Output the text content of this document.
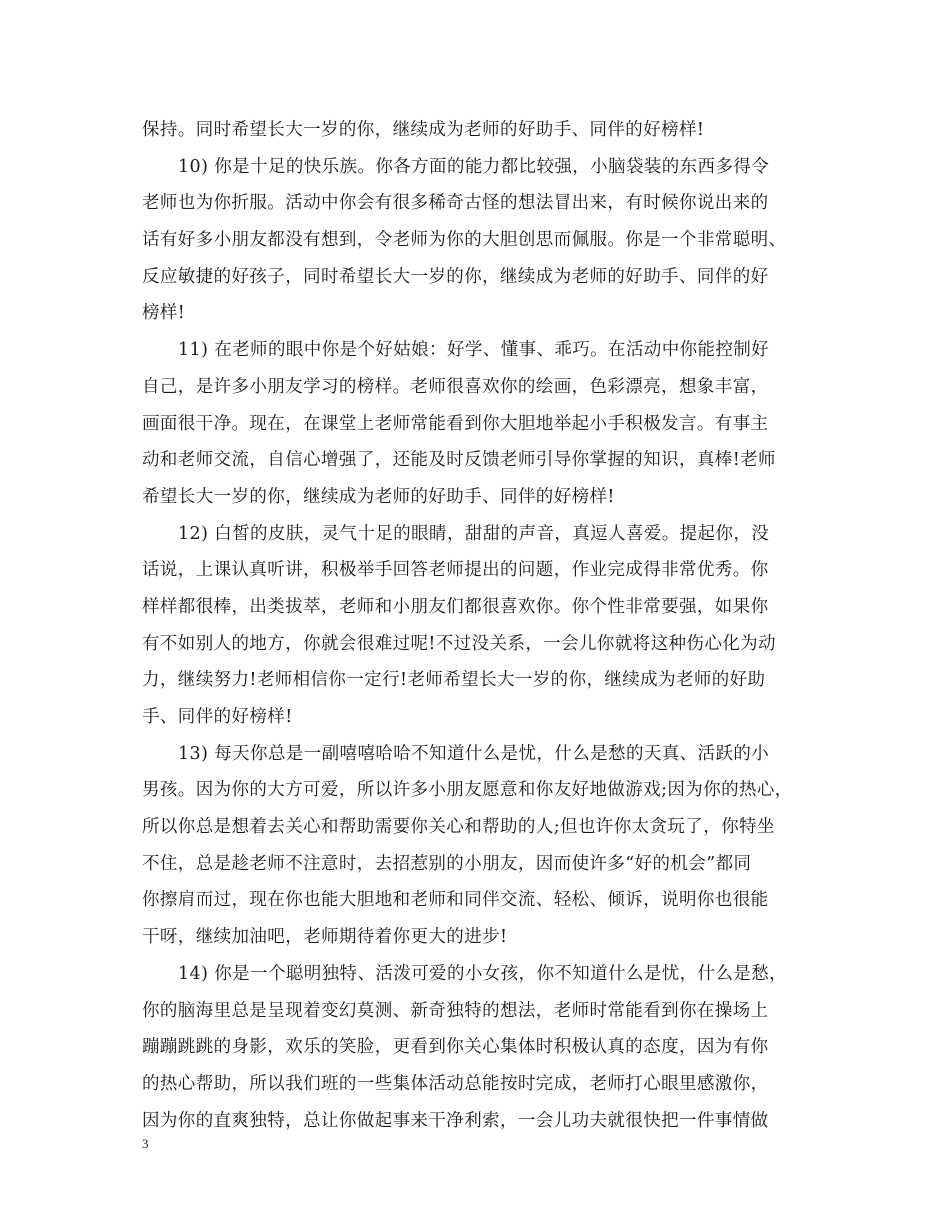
保持。同时希望长大一岁的你，继续成为老师的好助手、同伴的好榜样!
10) 你是十足的快乐族。你各方面的能力都比较强，小脑袋装的东西多得令
老师也为你折服。活动中你会有很多稀奇古怪的想法冒出来，有时候你说出来的
话有好多小朋友都没有想到，令老师为你的大胆创思而佩服。你是一个非常聪明、
反应敏捷的好孩子，同时希望长大一岁的你，继续成为老师的好助手、同伴的好
榜样!
11) 在老师的眼中你是个好姑娘：好学、懂事、乖巧。在活动中你能控制好
自己，是许多小朋友学习的榜样。老师很喜欢你的绘画，色彩漂亮，想象丰富，
画面很干净。现在，在课堂上老师常能看到你大胆地举起小手积极发言。有事主
动和老师交流，自信心增强了，还能及时反馈老师引导你掌握的知识，真棒!老师
希望长大一岁的你，继续成为老师的好助手、同伴的好榜样!
12) 白皙的皮肤，灵气十足的眼睛，甜甜的声音，真逗人喜爱。提起你，没
话说，上课认真听讲，积极举手回答老师提出的问题，作业完成得非常优秀。你
样样都很棒，出类拔萃，老师和小朋友们都很喜欢你。你个性非常要强，如果你
有不如别人的地方，你就会很难过呢!不过没关系，一会儿你就将这种伤心化为动
力，继续努力!老师相信你一定行!老师希望长大一岁的你，继续成为老师的好助
手、同伴的好榜样!
13) 每天你总是一副嘻嘻哈哈不知道什么是忧，什么是愁的天真、活跃的小
男孩。因为你的大方可爱，所以许多小朋友愿意和你友好地做游戏;因为你的热心，
所以你总是想着去关心和帮助需要你关心和帮助的人;但也许你太贪玩了，你特坐
不住，总是趁老师不注意时，去招惹别的小朋友，因而使许多“好的机会”都同
你擦肩而过，现在你也能大胆地和老师和同伴交流、轻松、倾诉，说明你也很能
干呀，继续加油吧，老师期待着你更大的进步!
14) 你是一个聪明独特、活泼可爱的小女孩，你不知道什么是忧，什么是愁，
你的脑海里总是呈现着变幻莫测、新奇独特的想法，老师时常能看到你在操场上
蹦蹦跳跳的身影，欢乐的笑脸，更看到你关心集体时积极认真的态度，因为有你
的热心帮助，所以我们班的一些集体活动总能按时完成，老师打心眼里感激你，
因为你的直爽独特，总让你做起事来干净利索，一会儿功夫就很快把一件事情做
3
